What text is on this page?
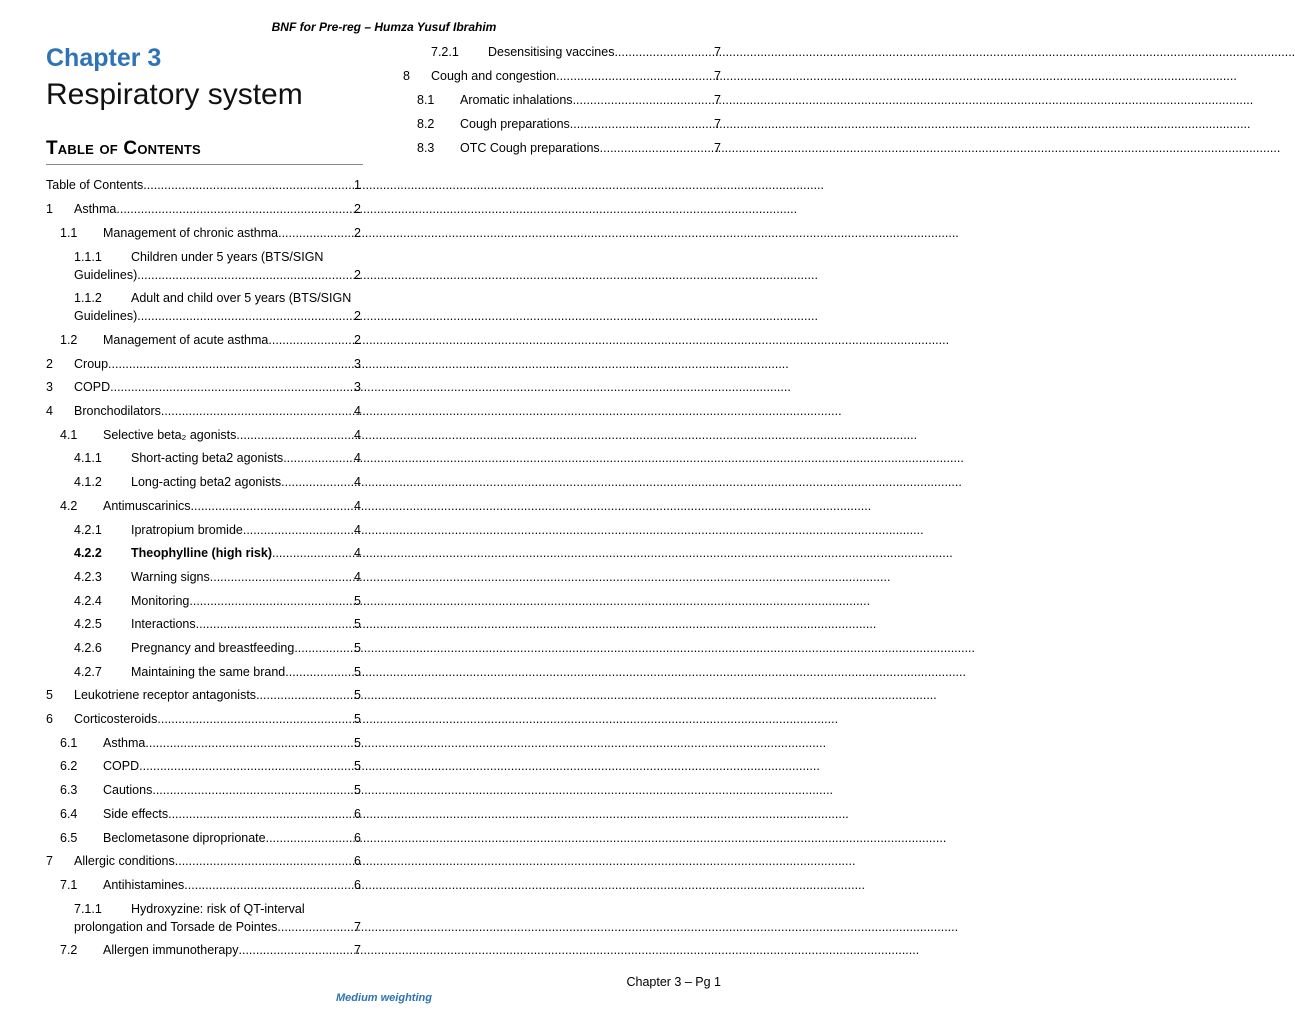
BNF for Pre-reg – Humza Yusuf Ibrahim
Chapter 3
Respiratory system
Table of Contents
Table of Contents .....	1
1	Asthma .....	2
1.1	Management of chronic asthma .....	2
1.1.1	Children under 5 years (BTS/SIGN
Guidelines) .....	2
1.1.2	Adult and child over 5 years (BTS/SIGN
Guidelines) .....	2
1.2	Management of acute asthma .....	2
2	Croup .....	3
3	COPD .....	3
4	Bronchodilators .....	4
4.1	Selective beta₂ agonists .....	4
4.1.1	Short-acting beta2 agonists .....	4
4.1.2	Long-acting beta2 agonists .....	4
4.2	Antimuscarinics .....	4
4.2.1	Ipratropium bromide .....	4
4.2.2	Theophylline (high risk) .....	4
4.2.3	Warning signs .....	4
4.2.4	Monitoring .....	5
4.2.5	Interactions .....	5
4.2.6	Pregnancy and breastfeeding .....	5
4.2.7	Maintaining the same brand .....	5
5	Leukotriene receptor antagonists .....	5
6	Corticosteroids .....	5
6.1	Asthma .....	5
6.2	COPD .....	5
6.3	Cautions .....	5
6.4	Side effects .....	6
6.5	Beclometasone diproprionate .....	6
7	Allergic conditions .....	6
7.1	Antihistamines .....	6
7.1.1	Hydroxyzine: risk of QT-interval
prolongation and Torsade de Pointes .....	7
7.2	Allergen immunotherapy .....	7
7.2.1	Desensitising vaccines .....	7
8	Cough and congestion .....	7
8.1	Aromatic inhalations .....	7
8.2	Cough preparations .....	7
8.3	OTC Cough preparations .....	7
Chapter 3 – Pg 1
Medium weighting
